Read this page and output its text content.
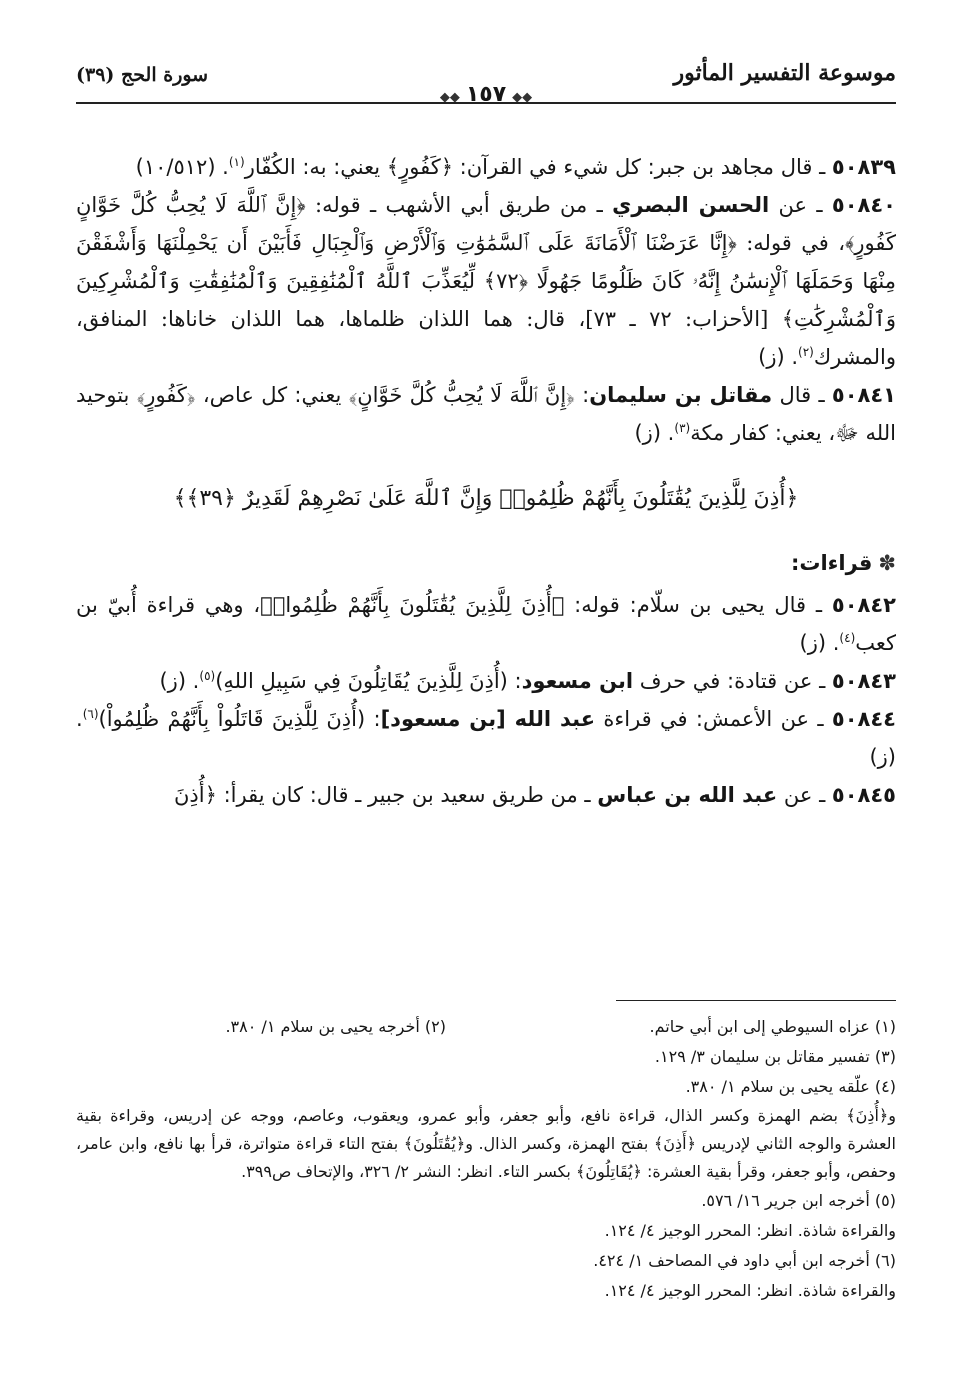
موسوعة التفسير المأثور
◆◆١٥٧◆◆
سورة الحج (٣٩)

٥٠٨٣٩ ـ قال مجاهد بن جبر: كل شيء في القرآن: ﴿كَفُورٍ﴾ يعني: به: الكُفّار$^{(١)}$. (١٠/٥١٢)

٥٠٨٤٠ ـ عن الحسن البصري ـ من طريق أبي الأشهب ـ قوله: ﴿إِنَّ ٱللَّهَ لَا يُحِبُّ كُلَّ خَوَّانٍ كَفُورٍ﴾، في قوله: ﴿إِنَّا عَرَضْنَا ٱلْأَمَانَةَ عَلَى ٱلسَّمَٰوَٰتِ وَٱلْأَرْضِ وَٱلْجِبَالِ فَأَبَيْنَ أَن يَحْمِلْنَهَا وَأَشْفَقْنَ مِنْهَا وَحَمَلَهَا ٱلْإِنسَٰنُ إِنَّهُۥ كَانَ ظَلُومًا جَهُولًا ﴿٧٢﴾ لِّيُعَذِّبَ ٱللَّهُ ٱلْمُنَٰفِقِينَ وَٱلْمُنَٰفِقَٰتِ وَٱلْمُشْرِكِينَ وَٱلْمُشْرِكَٰتِ﴾ [الأحزاب: ٧٢ ـ ٧٣]، قال: هما اللذان ظلماها، هما اللذان خاناها: المنافق، والمشرك$^{(٢)}$. (ز)

٥٠٨٤١ ـ قال مقاتل بن سليمان: ﴿إِنَّ ٱللَّهَ لَا يُحِبُّ كُلَّ خَوَّانٍ﴾ يعني: كل عاص، ﴿كَفُورٍ﴾ بتوحيد الله ﷻ، يعني: كفار مكة$^{(٣)}$. (ز)

﴿أُذِنَ لِلَّذِينَ يُقَٰتَلُونَ بِأَنَّهُمْ ظُلِمُوا۟ وَإِنَّ ٱللَّهَ عَلَىٰ نَصْرِهِمْ لَقَدِيرٌ ﴿٣٩﴾﴾
✽قراءات:

٥٠٨٤٢ ـ قال يحيى بن سلّام: قوله: ﴿أُذِنَ لِلَّذِينَ يُقَٰتَلُونَ بِأَنَّهُمْ ظُلِمُوا۟﴾، وهي قراءة أُبيّ بن كعب$^{(٤)}$. (ز)

٥٠٨٤٣ ـ عن قتادة: في حرف ابن مسعود: (أُذِنَ لِلَّذِينَ يُقَاتِلُونَ فِي سَبِيلِ اللهِ)$^{(٥)}$. (ز)

٥٠٨٤٤ ـ عن الأعمش: في قراءة عبد الله [بن مسعود]: (أُذِنَ لِلَّذِينَ قَاتَلُواْ بِأَنَّهُمْ ظُلِمُواْ)$^{(٦)}$. (ز)

٥٠٨٤٥ ـ عن عبد الله بن عباس ـ من طريق سعيد بن جبير ـ قال: كان يقرأ: ﴿أُذِنَ

(١) عزاه السيوطي إلى ابن أبي حاتم.
(٢) أخرجه يحيى بن سلام ١/ ٣٨٠.

(٣) تفسير مقاتل بن سليمان ٣/ ١٢٩.

(٤) علّقه يحيى بن سلام ١/ ٣٨٠.

و﴿أُذِنَ﴾ بضم الهمزة وكسر الذال، قراءة نافع، وأبو جعفر، وأبو عمرو، ويعقوب، وعاصم، ووجه عن إدريس، وقراءة بقية العشرة والوجه الثاني لإدريس ﴿أَذِنَ﴾ بفتح الهمزة، وكسر الذال. و﴿يُقَٰتَلُونَ﴾ بفتح التاء قراءة متواترة، قرأ بها نافع، وابن عامر، وحفص، وأبو جعفر، وقرأ بقية العشرة: ﴿يُقَاتِلُونَ﴾ بكسر التاء. انظر: النشر ٢/ ٣٢٦، والإتحاف ص٣٩٩.

(٥) أخرجه ابن جرير ١٦/ ٥٧٦.

والقراءة شاذة. انظر: المحرر الوجيز ٤/ ١٢٤.

(٦) أخرجه ابن أبي داود في المصاحف ١/ ٤٢٤.

والقراءة شاذة. انظر: المحرر الوجيز ٤/ ١٢٤.
